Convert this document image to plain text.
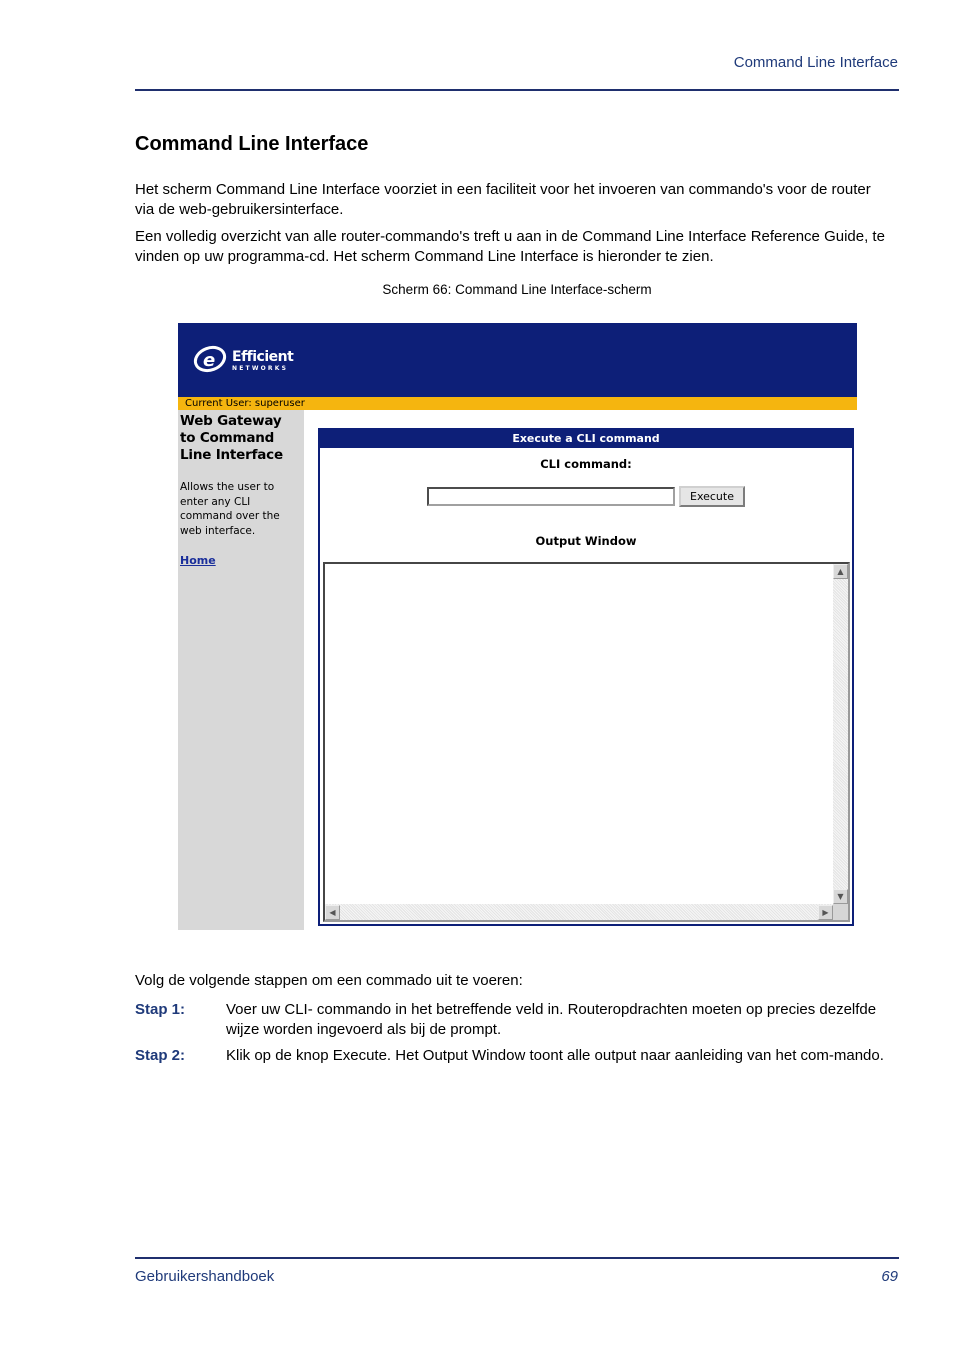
Command Line Interface
Command Line Interface

Het scherm Command Line Interface voorziet in een faciliteit voor het invoeren van commando's voor de router via de web-gebruikersinterface.

Een volledig overzicht van alle router-commando's treft u aan in de Command Line Interface Reference Guide, te vinden op uw programma-cd. Het scherm Command Line Interface is hieronder te zien.

Scherm 66: Command Line Interface-scherm
e Efficient
NETWORKS
Current User: superuser
Web Gateway to Command Line Interface
Allows the user to enter any CLI command over the web interface.
Home
Execute a CLI command
CLI command:
Execute
Output Window
▲
▼
◀	▶

Volg de volgende stappen om een commado uit te voeren:

Stap 1:	Voer uw CLI- commando in het betreffende veld in. Routeropdrachten moeten op precies dezelfde wijze worden ingevoerd als bij de prompt.
Stap 2:	Klik op de knop Execute. Het Output Window toont alle output naar aanleiding van het com-mando.
Gebruikershandboek	69
